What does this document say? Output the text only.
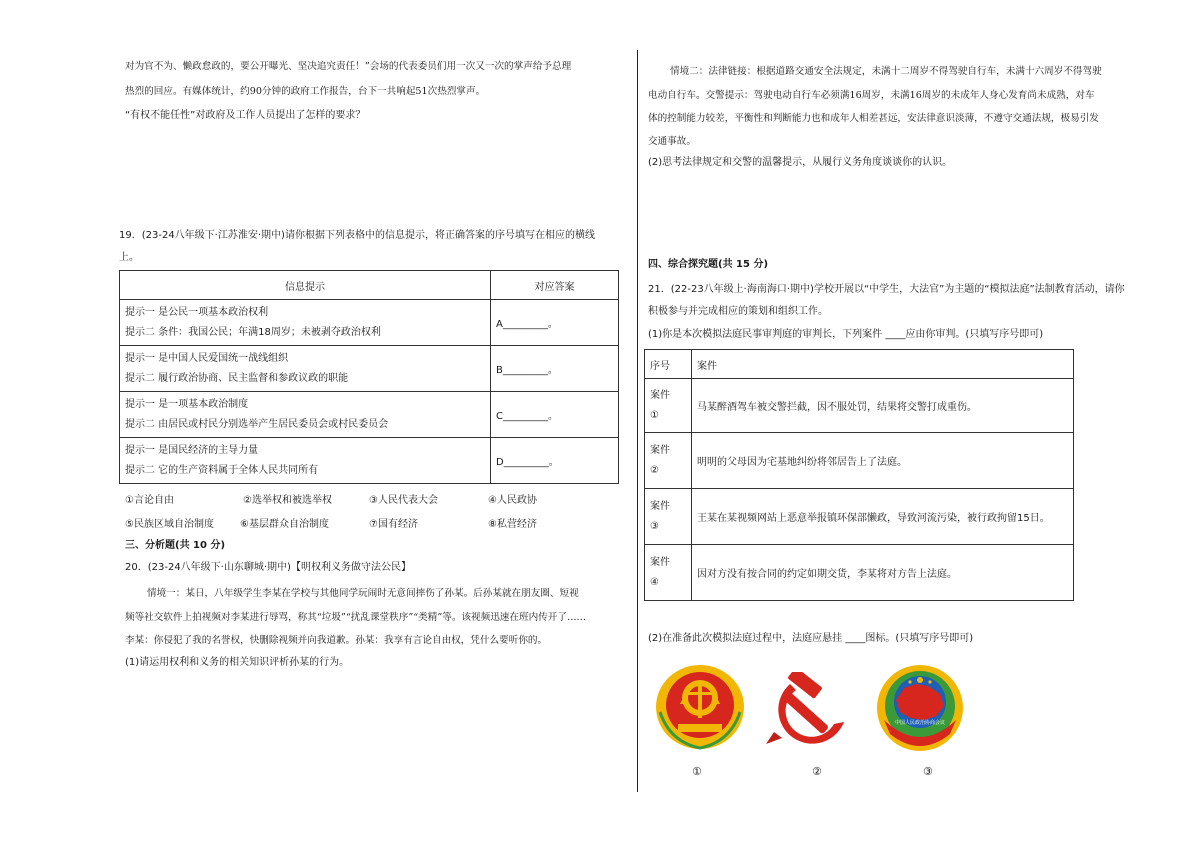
对为官不为、懒政怠政的，要公开曝光、坚决追究责任！”会场的代表委员们用一次又一次的掌声给予总理
热烈的回应。有媒体统计，约90分钟的政府工作报告，台下一共响起51次热烈掌声。
“有权不能任性”对政府及工作人员提出了怎样的要求？
19．(23-24八年级下·江苏淮安·期中)请你根据下列表格中的信息提示，将正确答案的序号填写在相应的横线
上。
信息提示	对应答案

提示一 是公民一项基本政治权利
提示二 条件：我国公民；年满18周岁；未被剥夺政治权利	A_________。

提示一 是中国人民爱国统一战线组织
提示二 履行政治协商、民主监督和参政议政的职能	B_________。

提示一 是一项基本政治制度
提示二 由居民或村民分别选举产生居民委员会或村民委员会	C_________。

提示一 是国民经济的主导力量
提示二 它的生产资料属于全体人民共同所有	D_________。
①言论自由	②选举权和被选举权	③人民代表大会	④人民政协
⑤民族区域自治制度	⑥基层群众自治制度	⑦国有经济	⑧私营经济
三、分析题(共 10 分)
20．(23-24八年级下·山东聊城·期中)【明权利义务做守法公民】
情境一：某日，八年级学生李某在学校与其他同学玩闹时无意间摔伤了孙某。后孙某就在朋友圈、短视
频等社交软件上拍视频对李某进行辱骂，称其“垃圾”“扰乱课堂秩序”“类精”等。该视频迅速在班内传开了……
李某：你侵犯了我的名誉权，快删除视频并向我道歉。孙某：我享有言论自由权，凭什么要听你的。
(1)请运用权利和义务的相关知识评析孙某的行为。
情境二：法律链接：根据道路交通安全法规定，未满十二周岁不得驾驶自行车，未满十六周岁不得驾驶
电动自行车。交警提示：驾驶电动自行车必须满16周岁，未满16周岁的未成年人身心发育尚未成熟，对车
体的控制能力较差，平衡性和判断能力也和成年人相差甚远，安法律意识淡薄，不遵守交通法规，极易引发
交通事故。
(2)思考法律规定和交警的温馨提示，从履行义务角度谈谈你的认识。
四、综合探究题(共 15 分)
21．(22-23八年级上·海南海口·期中)学校开展以“中学生，大法官”为主题的“模拟法庭”法制教育活动，请你
积极参与并完成相应的策划和组织工作。
(1)你是本次模拟法庭民事审判庭的审判长，下列案件 ____应由你审判。(只填写序号即可)
序号	案件

案件
①	马某醉酒驾车被交警拦截，因不服处罚，结果将交警打成重伤。

案件
②	明明的父母因为宅基地纠纷将邻居告上了法庭。

案件
③	王某在某视频网站上恶意举报镇环保部懒政，导致河流污染，被行政拘留15日。

案件
④	因对方没有按合同的约定如期交货，李某将对方告上法庭。
(2)在准备此次模拟法庭过程中，法庭应悬挂 ____图标。(只填写序号即可)
①	②
中国人民政治协商会议
③
